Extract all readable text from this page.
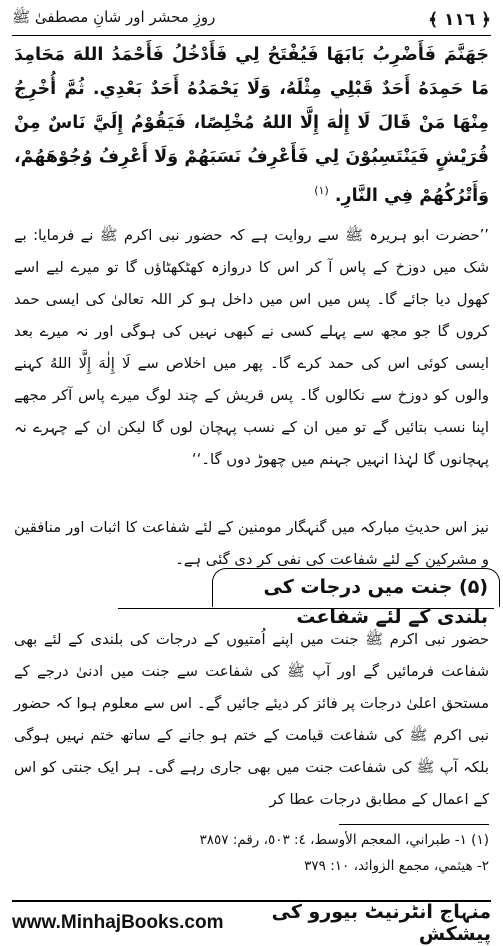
﴿ ١١٦ ﴾
روزِ محشر اور شانِ مصطفیٰ ﷺ
جَهَنَّمَ فَأَضْرِبُ بَابَهَا فَيُفْتَحُ لِي فَأَدْخُلُ فَأَحْمَدُ اللهَ مَحَامِدَ مَا حَمِدَهُ أَحَدٌ قَبْلِي مِثْلَهُ، وَلَا يَحْمَدُهُ أَحَدٌ بَعْدِي. ثُمَّ أُخْرِجُ مِنْهَا مَنْ قَالَ لَا إِلٰهَ إِلَّا اللهُ مُخْلِصًا، فَيَقُوْمُ إِلَيَّ نَاسٌ مِنْ قُرَيْشٍ فَيَنْتَسِبُوْنَ لِي فَأَعْرِفُ نَسَبَهُمْ وَلَا أَعْرِفُ وُجُوْهَهُمْ، وَأَتْرُكُهُمْ فِي النَّارِ. $^{(١)}$
’’حضرت ابو ہریرہ ﷺ سے روایت ہے کہ حضور نبی اکرم ﷺ نے فرمایا: بے شک میں دوزخ کے پاس آ کر اس کا دروازہ کھٹکھٹاؤں گا تو میرے لیے اسے کھول دیا جائے گا۔ پس میں اس میں داخل ہو کر اللہ تعالیٰ کی ایسی حمد کروں گا جو مجھ سے پہلے کسی نے کبھی نہیں کی ہوگی اور نہ میرے بعد ایسی کوئی اس کی حمد کرے گا۔ پھر میں اخلاص سے لَا إِلٰهَ إِلَّا اللهُ کہنے والوں کو دوزخ سے نکالوں گا۔ پس قریش کے چند لوگ میرے پاس آکر مجھے اپنا نسب بتائیں گے تو میں ان کے نسب پہچان لوں گا لیکن ان کے چہرے نہ پہچانوں گا لہٰذا انہیں جہنم میں چھوڑ دوں گا۔‘‘
نیز اس حدیثِ مبارکہ میں گنہگار مومنین کے لئے شفاعت کا اثبات اور منافقین و مشرکین کے لئے شفاعت کی نفی کر دی گئی ہے۔
(۵) جنت میں درجات کی بلندی کے لئے شفاعت
حضور نبی اکرم ﷺ جنت میں اپنے اُمتیوں کے درجات کی بلندی کے لئے بھی شفاعت فرمائیں گے اور آپ ﷺ کی شفاعت سے جنت میں ادنیٰ درجے کے مستحق اعلیٰ درجات پر فائز کر دیئے جائیں گے۔ اس سے معلوم ہوا کہ حضور نبی اکرم ﷺ کی شفاعت قیامت کے ختم ہو جانے کے ساتھ ختم نہیں ہوگی بلکہ آپ ﷺ کی شفاعت جنت میں بھی جاری رہے گی۔ ہر ایک جنتی کو اس کے اعمال کے مطابق درجات عطا کر
(١) ١- طبراني، المعجم الأوسط، ٤: ٥٠٣، رقم: ٣٨٥٧
٢- هيثمي، مجمع الزوائد، ١٠: ٣٧٩
www.MinhajBooks.com	منہاج انٹرنیٹ بیورو کی پیشکش
